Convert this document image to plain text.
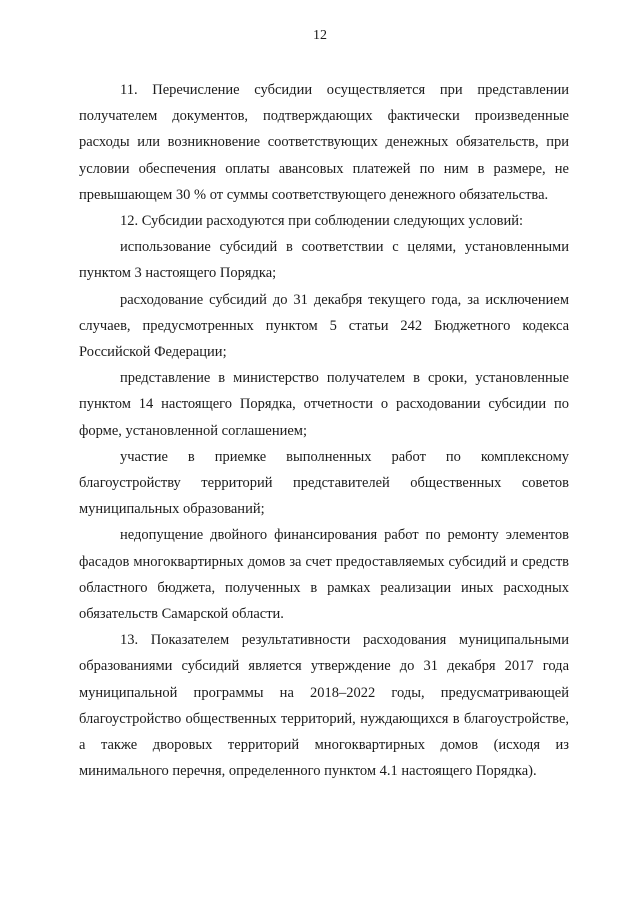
12

11. Перечисление субсидии осуществляется при представлении получателем документов, подтверждающих фактически произведенные расходы или возникновение соответствующих денежных обязательств, при условии обеспечения оплаты авансовых платежей по ним в размере, не превышающем 30 % от суммы соответствующего денежного обязательства.

12. Субсидии расходуются при соблюдении следующих условий:

использование субсидий в соответствии с целями, установленными пунктом 3 настоящего Порядка;

расходование субсидий до 31 декабря текущего года, за исключением случаев, предусмотренных пунктом 5 статьи 242 Бюджетного кодекса Российской Федерации;

представление в министерство получателем в сроки, установленные пунктом 14 настоящего Порядка, отчетности о расходовании субсидии по форме, установленной соглашением;

участие в приемке выполненных работ по комплексному благоустройству территорий представителей общественных советов муниципальных образований;

недопущение двойного финансирования работ по ремонту элементов фасадов многоквартирных домов за счет предоставляемых субсидий и средств областного бюджета, полученных в рамках реализации иных расходных обязательств Самарской области.

13. Показателем результативности расходования муниципальными образованиями субсидий является утверждение до 31 декабря 2017 года муниципальной программы на 2018–2022 годы, предусматривающей благоустройство общественных территорий, нуждающихся в благоустройстве, а также дворовых территорий многоквартирных домов (исходя из минимального перечня, определенного пунктом 4.1 настоящего Порядка).
